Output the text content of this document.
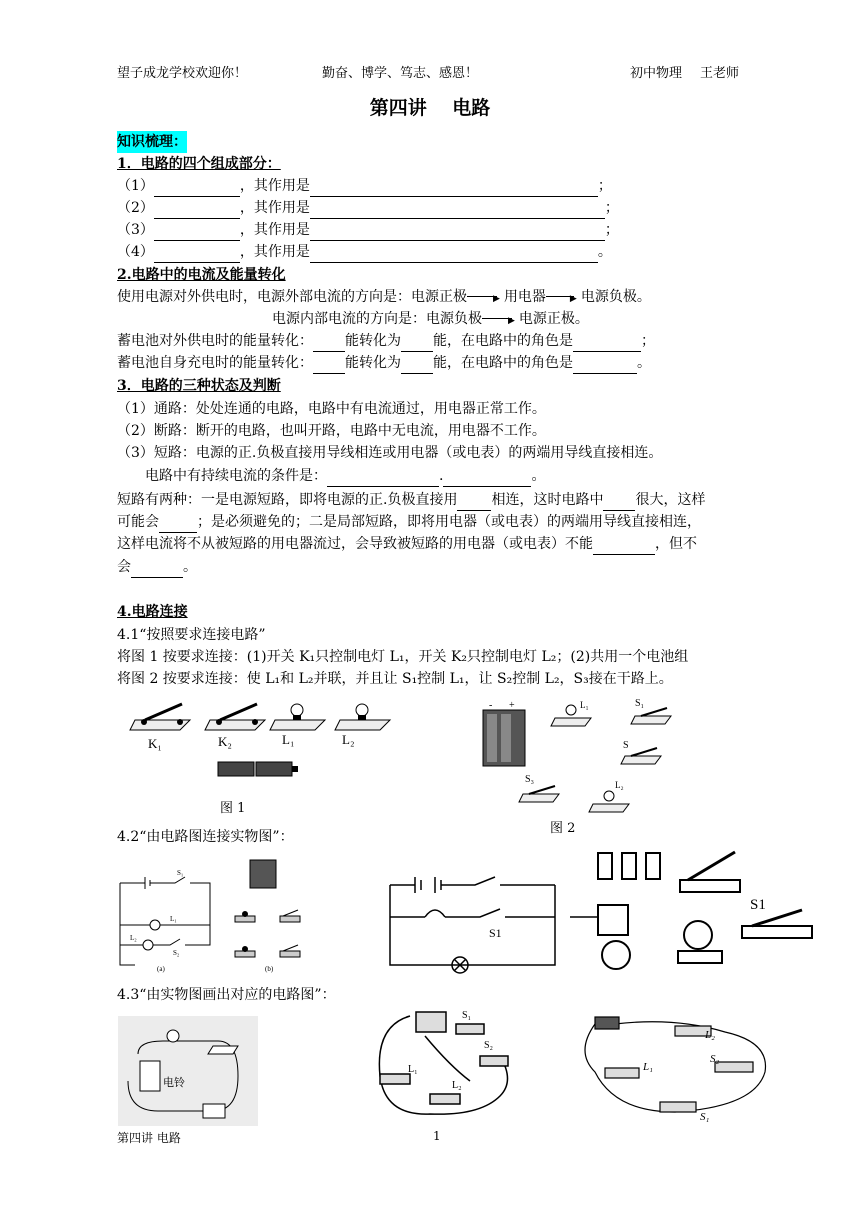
望子成龙学校欢迎你！	勤奋、博学、笃志、感恩！	初中物理 王老师
第四讲　 电路
知识梳理：
1．电路的四个组成部分：
（1）	，其作用是	；
（2）	，其作用是	；
（3）	，其作用是	；
（4）	，其作用是	。
2.电路中的电流及能量转化
使用电源对外供电时，电源外部电流的方向是：电源正极	▶ 用电器	▶ 电源负极。
电源内部电流的方向是：电源负极	▶ 电源正极。
蓄电池对外供电时的能量转化： 能转化为 能，在电路中的角色是	；
蓄电池自身充电时的能量转化： 能转化为 能，在电路中的角色是	。
3．电路的三种状态及判断
（1）通路：处处连通的电路，电路中有电流通过，用电器正常工作。
（2）断路：断开的电路，也叫开路，电路中无电流，用电器不工作。
（3）短路：电源的正.负极直接用导线相连或用电器（或电表）的两端用导线直接相连。
电路中有持续电流的条件是：	.	。
短路有两种：一是电源短路，即将电源的正.负极直接用 相连，这时电路中 很大，这样
可能会	；是必须避免的；二是局部短路，即将用电器（或电表）的两端用导线直接相连，
这样电流将不从被短路的用电器流过，会导致被短路的用电器（或电表）不能	，但不
会	。
4.电路连接
4.1“按照要求连接电路”
将图 1 按要求连接：(1)开关 K₁只控制电灯 L₁，开关 K₂只控制电灯 L₂；(2)共用一个电池组
将图 2 按要求连接：使 L₁和 L₂并联，并且让 S₁控制 L₁，让 S₂控制 L₂，S₃接在干路上。
K₁	K₂	L₁	L₂
图 1
- +	L₁	S₁
S
S₃	L₂
图 2
4.2“由电路图连接实物图”：
S₁
L₁
L₂
S₂
(a)	(b)
S1
S1
4.3“由实物图画出对应的电路图”：
电铃
S₁
S₂
L₁
L₂
L₂
S₂
L₁
S₁
第四讲 电路	1
